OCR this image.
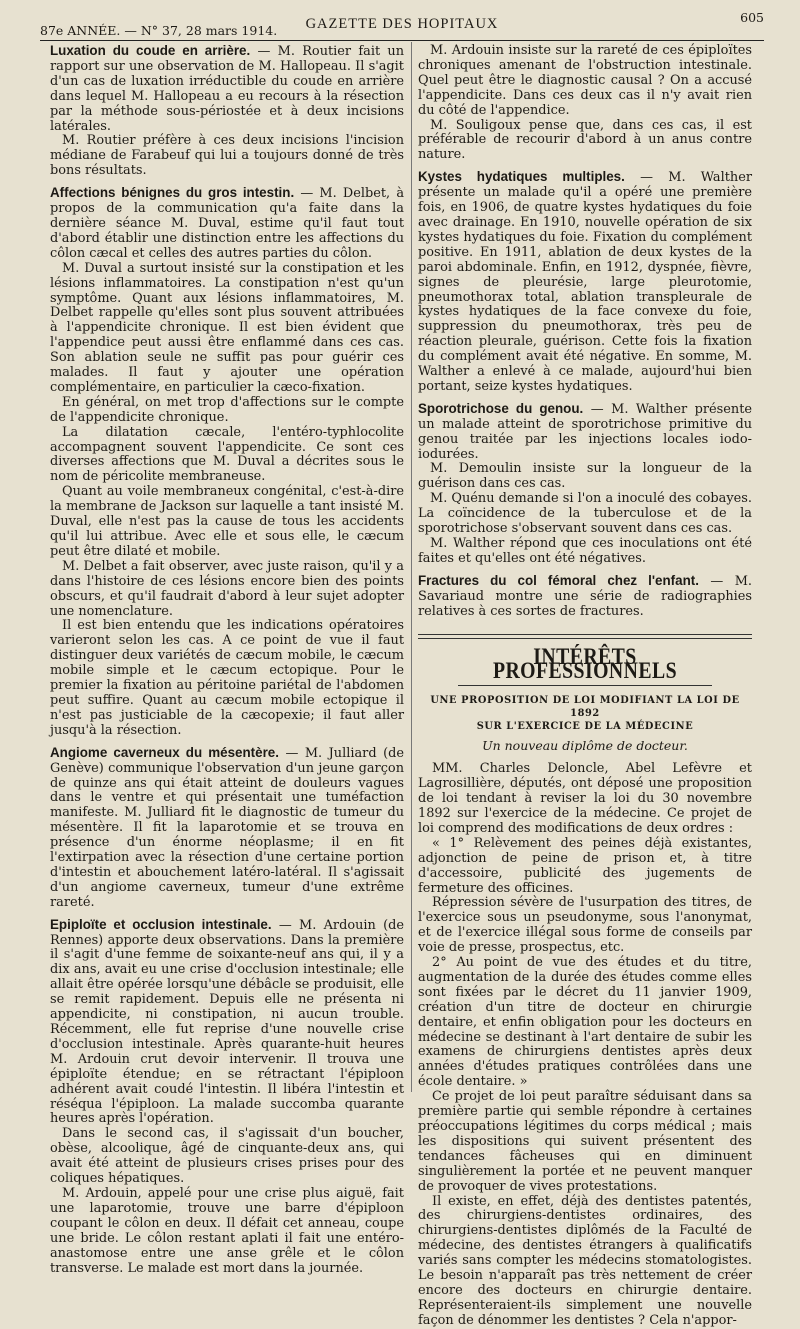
87e ANNÉE. — N° 37, 28 mars 1914.	GAZETTE DES HOPITAUX	605

Luxation du coude en arrière. — M. Routier fait un rapport sur une observation de M. Hallopeau. Il s'agit d'un cas de luxation irréductible du coude en arrière dans lequel M. Hallopeau a eu recours à la résection par la méthode sous-périostée et à deux incisions latérales.

M. Routier préfère à ces deux incisions l'incision médiane de Farabeuf qui lui a toujours donné de très bons résultats.

Affections bénignes du gros intestin. — M. Delbet, à propos de la communication qu'a faite dans la dernière séance M. Duval, estime qu'il faut tout d'abord établir une distinction entre les affections du côlon cæcal et celles des autres parties du côlon.

M. Duval a surtout insisté sur la constipation et les lésions inflammatoires. La constipation n'est qu'un symptôme. Quant aux lésions inflammatoires, M. Delbet rappelle qu'elles sont plus souvent attribuées à l'appendicite chronique. Il est bien évident que l'appendice peut aussi être enflammé dans ces cas. Son ablation seule ne suffit pas pour guérir ces malades. Il faut y ajouter une opération complémentaire, en particulier la cæco-fixation.

En général, on met trop d'affections sur le compte de l'appendicite chronique.

La dilatation cæcale, l'entéro-typhlocolite accompagnent souvent l'appendicite. Ce sont ces diverses affections que M. Duval a décrites sous le nom de péricolite membraneuse.

Quant au voile membraneux congénital, c'est-à-dire la membrane de Jackson sur laquelle a tant insisté M. Duval, elle n'est pas la cause de tous les accidents qu'il lui attribue. Avec elle et sous elle, le cæcum peut être dilaté et mobile.

M. Delbet a fait observer, avec juste raison, qu'il y a dans l'histoire de ces lésions encore bien des points obscurs, et qu'il faudrait d'abord à leur sujet adopter une nomenclature.

Il est bien entendu que les indications opératoires varieront selon les cas. A ce point de vue il faut distinguer deux variétés de cæcum mobile, le cæcum mobile simple et le cæcum ectopique. Pour le premier la fixation au péritoine pariétal de l'abdomen peut suffire. Quant au cæcum mobile ectopique il n'est pas justiciable de la cæcopexie; il faut aller jusqu'à la résection.

Angiome caverneux du mésentère. — M. Julliard (de Genève) communique l'observation d'un jeune garçon de quinze ans qui était atteint de douleurs vagues dans le ventre et qui présentait une tuméfaction manifeste. M. Julliard fit le diagnostic de tumeur du mésentère. Il fit la laparotomie et se trouva en présence d'un énorme néoplasme; il en fit l'extirpation avec la résection d'une certaine portion d'intestin et abouchement latéro-latéral. Il s'agissait d'un angiome caverneux, tumeur d'une extrême rareté.

Epiploïte et occlusion intestinale. — M. Ardouin (de Rennes) apporte deux observations. Dans la première il s'agit d'une femme de soixante-neuf ans qui, il y a dix ans, avait eu une crise d'occlusion intestinale; elle allait être opérée lorsqu'une débâcle se produisit, elle se remit rapidement. Depuis elle ne présenta ni appendicite, ni constipation, ni aucun trouble. Récemment, elle fut reprise d'une nouvelle crise d'occlusion intestinale. Après quarante-huit heures M. Ardouin crut devoir intervenir. Il trouva une épiploïte étendue; en se rétractant l'épiploon adhérent avait coudé l'intestin. Il libéra l'intestin et réséqua l'épiploon. La malade succomba quarante heures après l'opération.

Dans le second cas, il s'agissait d'un boucher, obèse, alcoolique, âgé de cinquante-deux ans, qui avait été atteint de plusieurs crises prises pour des coliques hépatiques.

M. Ardouin, appelé pour une crise plus aiguë, fait une laparotomie, trouve une barre d'épiploon coupant le côlon en deux. Il défait cet anneau, coupe une bride. Le côlon restant aplati il fait une entéro-anastomose entre une anse grêle et le côlon transverse. Le malade est mort dans la journée.

M. Ardouin insiste sur la rareté de ces épiploïtes chroniques amenant de l'obstruction intestinale. Quel peut être le diagnostic causal ? On a accusé l'appendicite. Dans ces deux cas il n'y avait rien du côté de l'appendice.

M. Souligoux pense que, dans ces cas, il est préférable de recourir d'abord à un anus contre nature.

Kystes hydatiques multiples. — M. Walther présente un malade qu'il a opéré une première fois, en 1906, de quatre kystes hydatiques du foie avec drainage. En 1910, nouvelle opération de six kystes hydatiques du foie. Fixation du complément positive. En 1911, ablation de deux kystes de la paroi abdominale. Enfin, en 1912, dyspnée, fièvre, signes de pleurésie, large pleurotomie, pneumothorax total, ablation transpleurale de kystes hydatiques de la face convexe du foie, suppression du pneumothorax, très peu de réaction pleurale, guérison. Cette fois la fixation du complément avait été négative. En somme, M. Walther a enlevé à ce malade, aujourd'hui bien portant, seize kystes hydatiques.

Sporotrichose du genou. — M. Walther présente un malade atteint de sporotrichose primitive du genou traitée par les injections locales iodo-iodurées.

M. Demoulin insiste sur la longueur de la guérison dans ces cas.

M. Quénu demande si l'on a inoculé des cobayes. La coïncidence de la tuberculose et de la sporotrichose s'observant souvent dans ces cas.

M. Walther répond que ces inoculations ont été faites et qu'elles ont été négatives.

Fractures du col fémoral chez l'enfant. — M. Savariaud montre une série de radiographies relatives à ces sortes de fractures.

INTÉRÊTS PROFESSIONNELS
UNE PROPOSITION DE LOI MODIFIANT LA LOI DE 1892
SUR L'EXERCICE DE LA MÉDECINE
Un nouveau diplôme de docteur.

MM. Charles Deloncle, Abel Lefèvre et Lagrosillière, députés, ont déposé une proposition de loi tendant à reviser la loi du 30 novembre 1892 sur l'exercice de la médecine. Ce projet de loi comprend des modifications de deux ordres :

« 1° Relèvement des peines déjà existantes, adjonction de peine de prison et, à titre d'accessoire, publicité des jugements de fermeture des officines.

Répression sévère de l'usurpation des titres, de l'exercice sous un pseudonyme, sous l'anonymat, et de l'exercice illégal sous forme de conseils par voie de presse, prospectus, etc.

2° Au point de vue des études et du titre, augmentation de la durée des études comme elles sont fixées par le décret du 11 janvier 1909, création d'un titre de docteur en chirurgie dentaire, et enfin obligation pour les docteurs en médecine se destinant à l'art dentaire de subir les examens de chirurgiens dentistes après deux années d'études pratiques contrôlées dans une école dentaire. »

Ce projet de loi peut paraître séduisant dans sa première partie qui semble répondre à certaines préoccupations légitimes du corps médical ; mais les dispositions qui suivent présentent des tendances fâcheuses qui en diminuent singulièrement la portée et ne peuvent manquer de provoquer de vives protestations.

Il existe, en effet, déjà des dentistes patentés, des chirurgiens-dentistes ordinaires, des chirurgiens-dentistes diplômés de la Faculté de médecine, des dentistes étrangers à qualificatifs variés sans compter les médecins stomatologistes. Le besoin n'apparaît pas très nettement de créer encore des docteurs en chirurgie dentaire. Représenteraient-ils simplement une nouvelle façon de dénommer les dentistes ? Cela n'appor-
